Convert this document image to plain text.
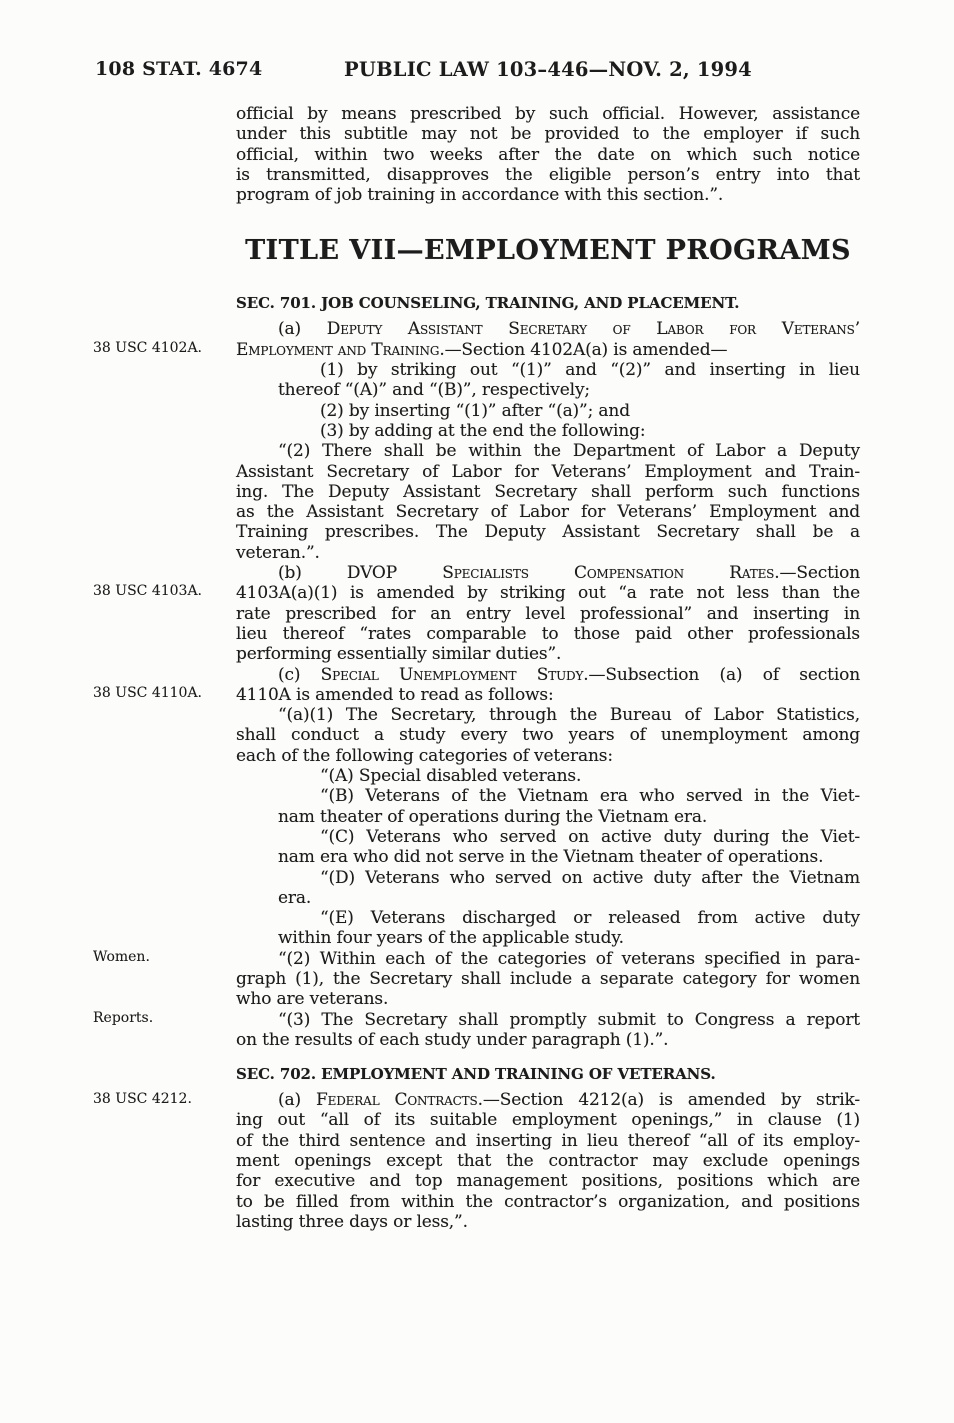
108 STAT. 4674	PUBLIC LAW 103–446—NOV. 2, 1994
official by means prescribed by such official. However, assistance
under this subtitle may not be provided to the employer if such
official, within two weeks after the date on which such notice
is transmitted, disapproves the eligible person’s entry into that
program of job training in accordance with this section.”.
TITLE VII—EMPLOYMENT PROGRAMS
SEC. 701. JOB COUNSELING, TRAINING, AND PLACEMENT.
(a) Deputy Assistant Secretary of Labor for Veterans’
Employment and Training.—Section 4102A(a) is amended—
(1) by striking out “(1)” and “(2)” and inserting in lieu
thereof “(A)” and “(B)”, respectively;
(2) by inserting “(1)” after “(a)”; and
(3) by adding at the end the following:
“(2) There shall be within the Department of Labor a Deputy
Assistant Secretary of Labor for Veterans’ Employment and Train-
ing. The Deputy Assistant Secretary shall perform such functions
as the Assistant Secretary of Labor for Veterans’ Employment and
Training prescribes. The Deputy Assistant Secretary shall be a
veteran.”.
(b) DVOP Specialists Compensation Rates.—Section
4103A(a)(1) is amended by striking out “a rate not less than the
rate prescribed for an entry level professional” and inserting in
lieu thereof “rates comparable to those paid other professionals
performing essentially similar duties”.
(c) Special Unemployment Study.—Subsection (a) of section
4110A is amended to read as follows:
“(a)(1) The Secretary, through the Bureau of Labor Statistics,
shall conduct a study every two years of unemployment among
each of the following categories of veterans:
“(A) Special disabled veterans.
“(B) Veterans of the Vietnam era who served in the Viet-
nam theater of operations during the Vietnam era.
“(C) Veterans who served on active duty during the Viet-
nam era who did not serve in the Vietnam theater of operations.
“(D) Veterans who served on active duty after the Vietnam
era.
“(E) Veterans discharged or released from active duty
within four years of the applicable study.
“(2) Within each of the categories of veterans specified in para-
graph (1), the Secretary shall include a separate category for women
who are veterans.
“(3) The Secretary shall promptly submit to Congress a report
on the results of each study under paragraph (1).”.
SEC. 702. EMPLOYMENT AND TRAINING OF VETERANS.
(a) Federal Contracts.—Section 4212(a) is amended by strik-
ing out “all of its suitable employment openings,” in clause (1)
of the third sentence and inserting in lieu thereof “all of its employ-
ment openings except that the contractor may exclude openings
for executive and top management positions, positions which are
to be filled from within the contractor’s organization, and positions
lasting three days or less,”.
38 USC 4102A.
38 USC 4103A.
38 USC 4110A.
Women.
Reports.
38 USC 4212.
